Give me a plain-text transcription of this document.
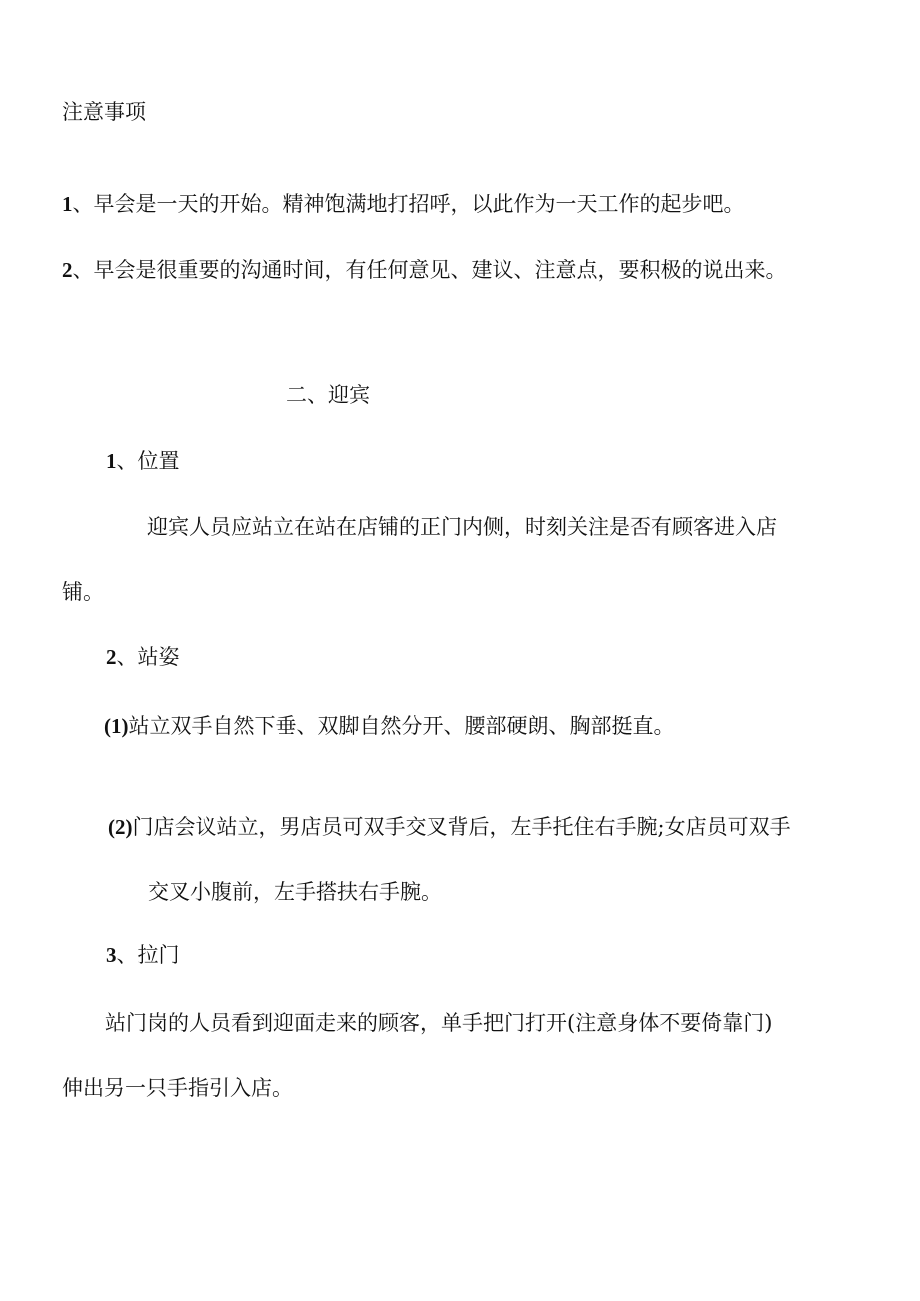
注意事项
1、早会是一天的开始。精神饱满地打招呼，以此作为一天工作的起步吧。
2、早会是很重要的沟通时间，有任何意见、建议、注意点，要积极的说出来。
二、迎宾
1、位置
迎宾人员应站立在站在店铺的正门内侧，时刻关注是否有顾客进入店
铺。
2、站姿
(1)站立双手自然下垂、双脚自然分开、腰部硬朗、胸部挺直。
(2)门店会议站立，男店员可双手交叉背后，左手托住右手腕;女店员可双手
交叉小腹前，左手搭扶右手腕。
3、拉门
站门岗的人员看到迎面走来的顾客，单手把门打开(注意身体不要倚靠门)
伸出另一只手指引入店。
